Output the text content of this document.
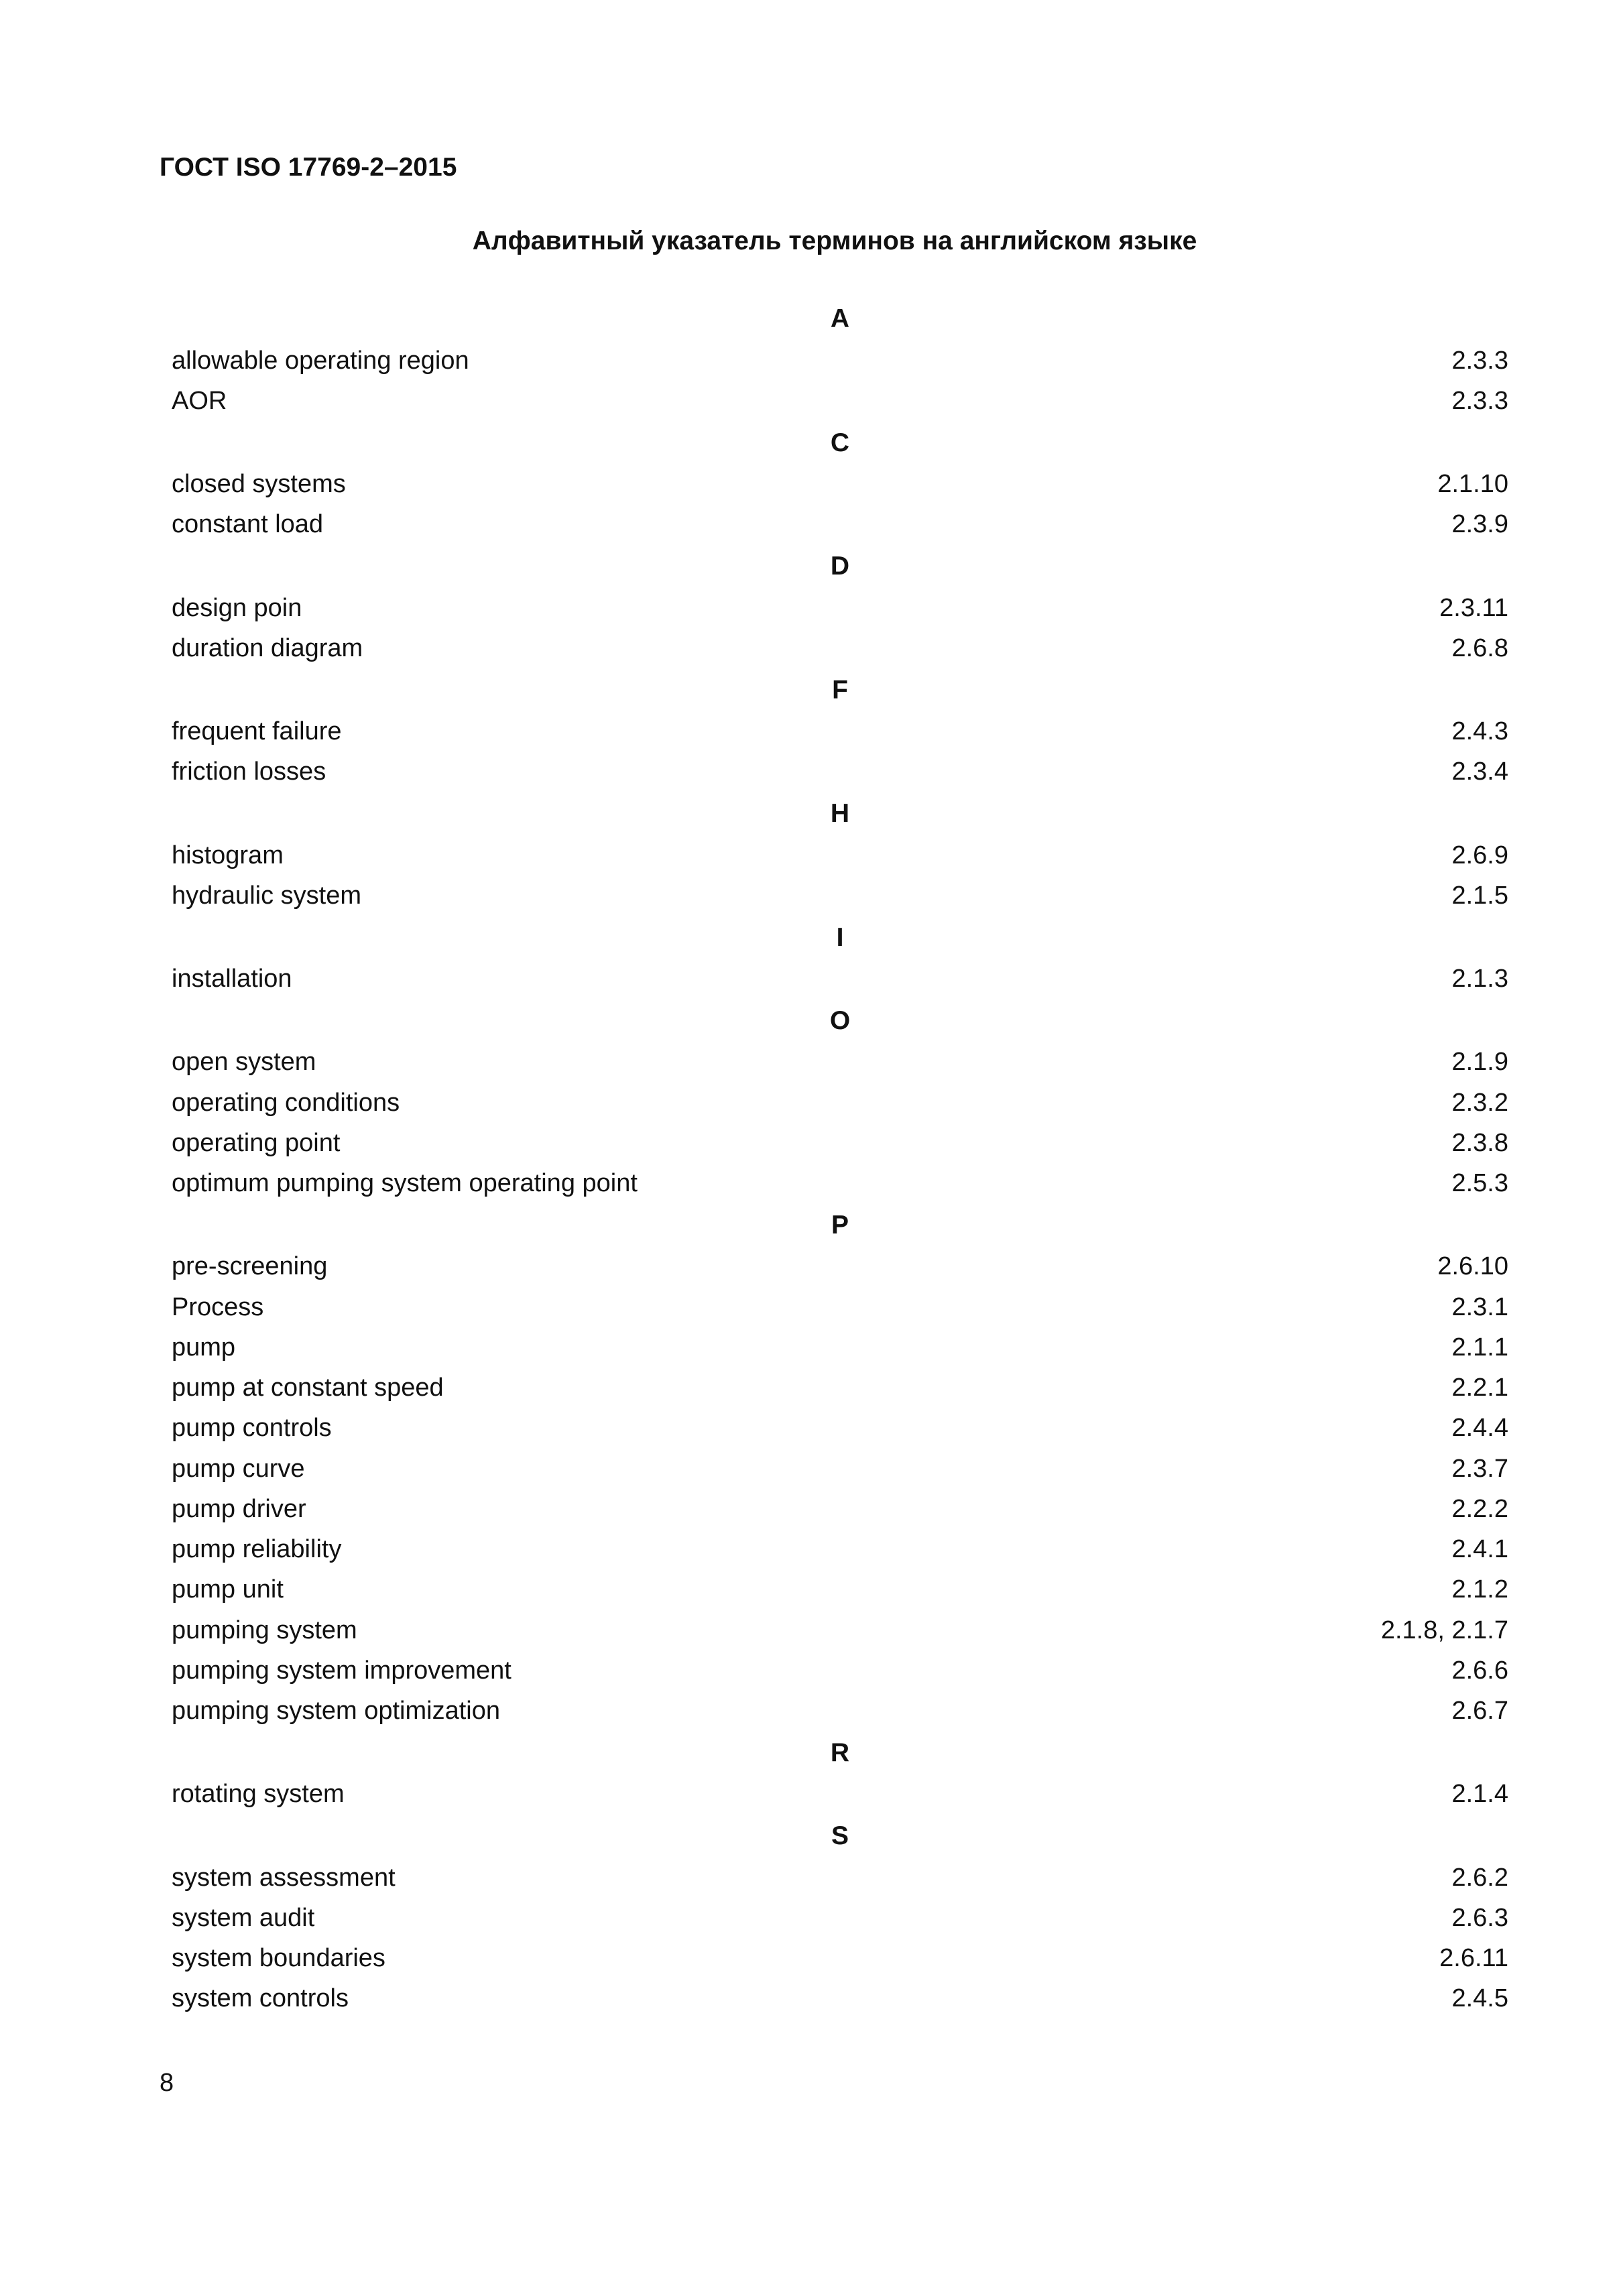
ГОСТ ISO 17769-2–2015
Алфавитный указатель терминов на английском языке
A
allowable operating region	2.3.3
AOR	2.3.3
C
closed systems	2.1.10
constant load	2.3.9
D
design poin	2.3.11
duration diagram	2.6.8
F
frequent failure	2.4.3
friction losses	2.3.4
H
histogram	2.6.9
hydraulic system	2.1.5
I
installation	2.1.3
O
open system	2.1.9
operating conditions	2.3.2
operating point	2.3.8
optimum pumping system operating point	2.5.3
P
pre-screening	2.6.10
Process	2.3.1
pump	2.1.1
pump at constant speed	2.2.1
pump controls	2.4.4
pump curve	2.3.7
pump driver	2.2.2
pump reliability	2.4.1
pump unit	2.1.2
pumping system	2.1.8, 2.1.7
pumping system improvement	2.6.6
pumping system optimization	2.6.7
R
rotating system	2.1.4
S
system assessment	2.6.2
system audit	2.6.3
system boundaries	2.6.11
system controls	2.4.5
8
